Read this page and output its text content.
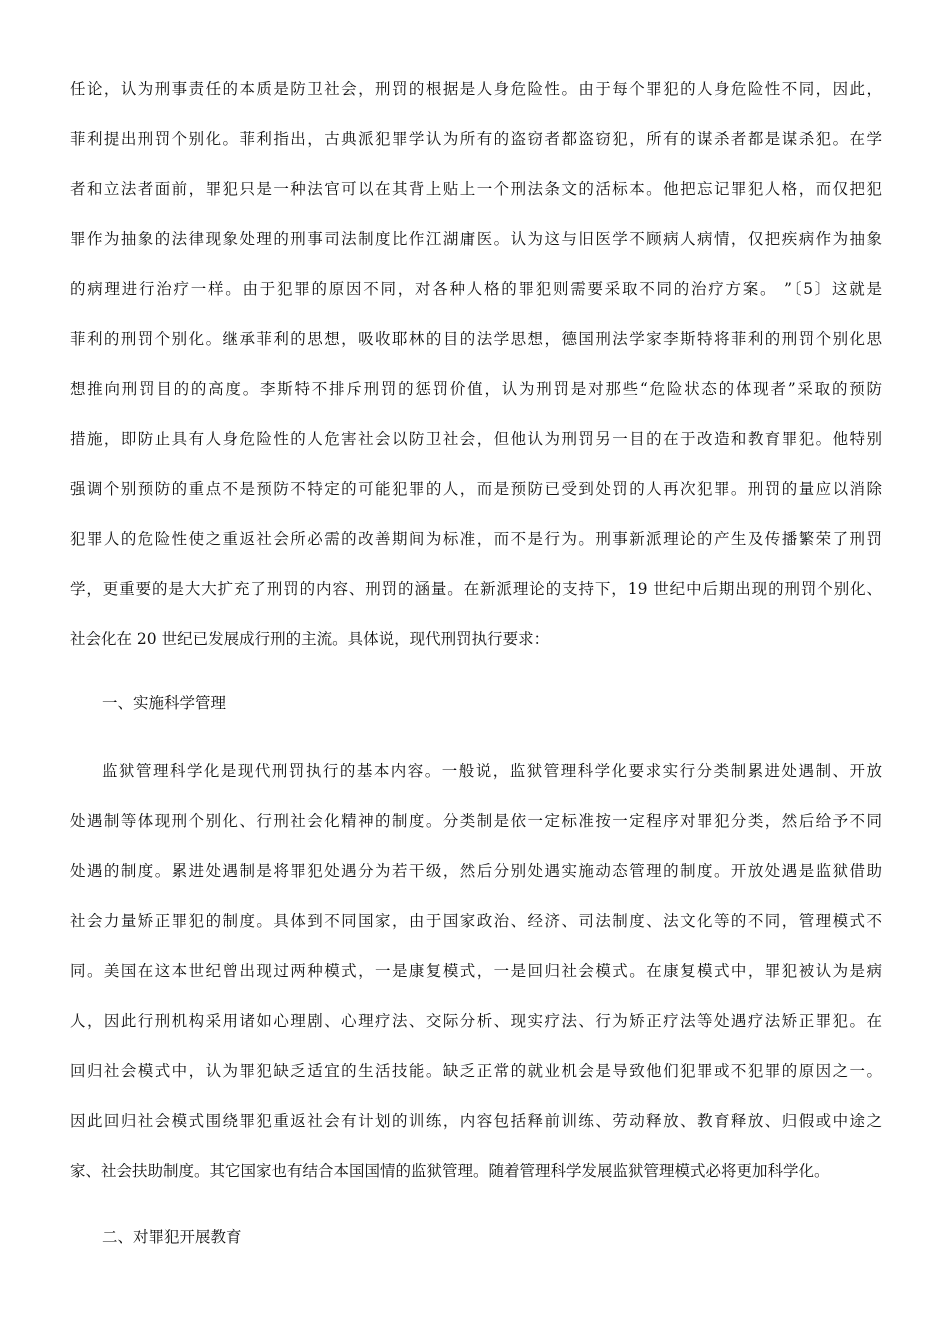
任论，认为刑事责任的本质是防卫社会，刑罚的根据是人身危险性。由于每个罪犯的人身危险性不同，因此，
菲利提出刑罚个别化。菲利指出，古典派犯罪学认为所有的盗窃者都盗窃犯，所有的谋杀者都是谋杀犯。在学
者和立法者面前，罪犯只是一种法官可以在其背上贴上一个刑法条文的活标本。他把忘记罪犯人格，而仅把犯
罪作为抽象的法律现象处理的刑事司法制度比作江湖庸医。认为这与旧医学不顾病人病情，仅把疾病作为抽象
的病理进行治疗一样。由于犯罪的原因不同，对各种人格的罪犯则需要采取不同的治疗方案。 ”〔5〕这就是
菲利的刑罚个别化。继承菲利的思想，吸收耶林的目的法学思想，德国刑法学家李斯特将菲利的刑罚个别化思
想推向刑罚目的的高度。李斯特不排斥刑罚的惩罚价值，认为刑罚是对那些“危险状态的体现者”采取的预防
措施，即防止具有人身危险性的人危害社会以防卫社会，但他认为刑罚另一目的在于改造和教育罪犯。他特别
强调个别预防的重点不是预防不特定的可能犯罪的人，而是预防已受到处罚的人再次犯罪。刑罚的量应以消除
犯罪人的危险性使之重返社会所必需的改善期间为标准，而不是行为。刑事新派理论的产生及传播繁荣了刑罚
学，更重要的是大大扩充了刑罚的内容、刑罚的涵量。在新派理论的支持下，19 世纪中后期出现的刑罚个别化、
社会化在 20 世纪已发展成行刑的主流。具体说，现代刑罚执行要求：
一、实施科学管理
监狱管理科学化是现代刑罚执行的基本内容。一般说，监狱管理科学化要求实行分类制累进处遇制、开放
处遇制等体现刑个别化、行刑社会化精神的制度。分类制是依一定标准按一定程序对罪犯分类，然后给予不同
处遇的制度。累进处遇制是将罪犯处遇分为若干级，然后分别处遇实施动态管理的制度。开放处遇是监狱借助
社会力量矫正罪犯的制度。具体到不同国家，由于国家政治、经济、司法制度、法文化等的不同，管理模式不
同。美国在这本世纪曾出现过两种模式，一是康复模式，一是回归社会模式。在康复模式中，罪犯被认为是病
人，因此行刑机构采用诸如心理剧、心理疗法、交际分析、现实疗法、行为矫正疗法等处遇疗法矫正罪犯。在
回归社会模式中，认为罪犯缺乏适宜的生活技能。缺乏正常的就业机会是导致他们犯罪或不犯罪的原因之一。
因此回归社会模式围绕罪犯重返社会有计划的训练，内容包括释前训练、劳动释放、教育释放、归假或中途之
家、社会扶助制度。其它国家也有结合本国国情的监狱管理。随着管理科学发展监狱管理模式必将更加科学化。
二、对罪犯开展教育
